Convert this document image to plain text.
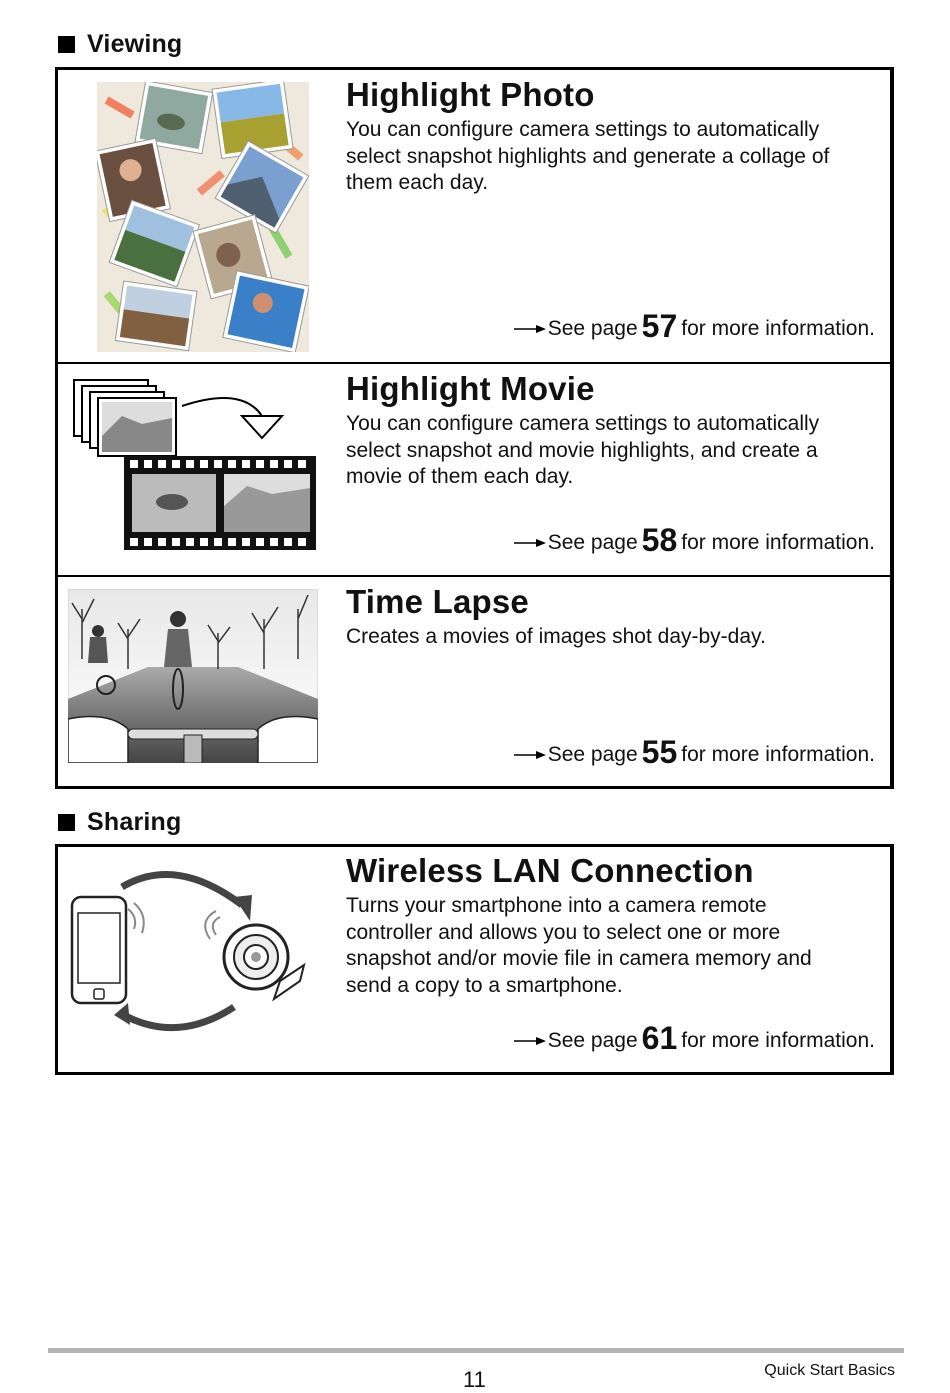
Viewing
Highlight Photo

You can configure camera settings to automatically
select snapshot highlights and generate a collage of
them each day.

See page 57 for more information.
Highlight Movie

You can configure camera settings to automatically
select snapshot and movie highlights, and create a
movie of them each day.

See page 58 for more information.
Time Lapse

Creates a movies of images shot day-by-day.

See page 55 for more information.
Sharing
Wireless LAN Connection

Turns your smartphone into a camera remote
controller and allows you to select one or more
snapshot and/or movie file in camera memory and
send a copy to a smartphone.

See page 61 for more information.
11	Quick Start Basics
